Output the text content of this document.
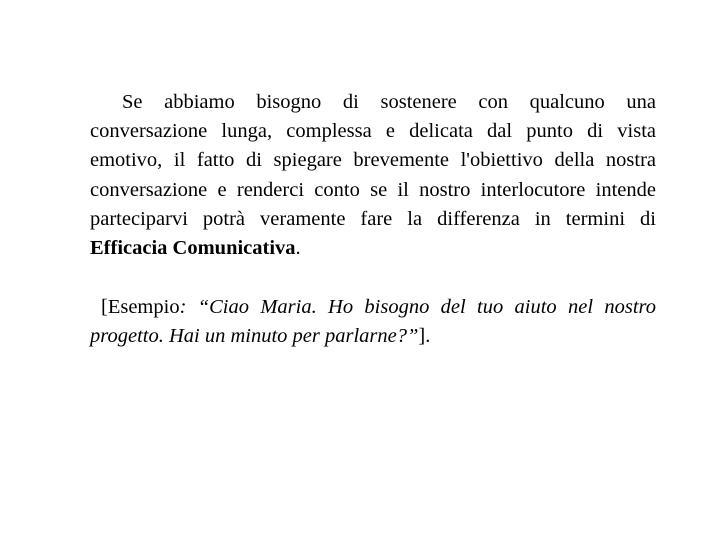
Se abbiamo bisogno di sostenere con qualcuno una conversazione lunga, complessa e delicata dal punto di vista emotivo, il fatto di spiegare brevemente l'obiettivo della nostra conversazione e renderci conto se il nostro interlocutore intende parteciparvi potrà veramente fare la differenza in termini di Efficacia Comunicativa.

[Esempio: “Ciao Maria. Ho bisogno del tuo aiuto nel nostro progetto. Hai un minuto per parlarne?”].
